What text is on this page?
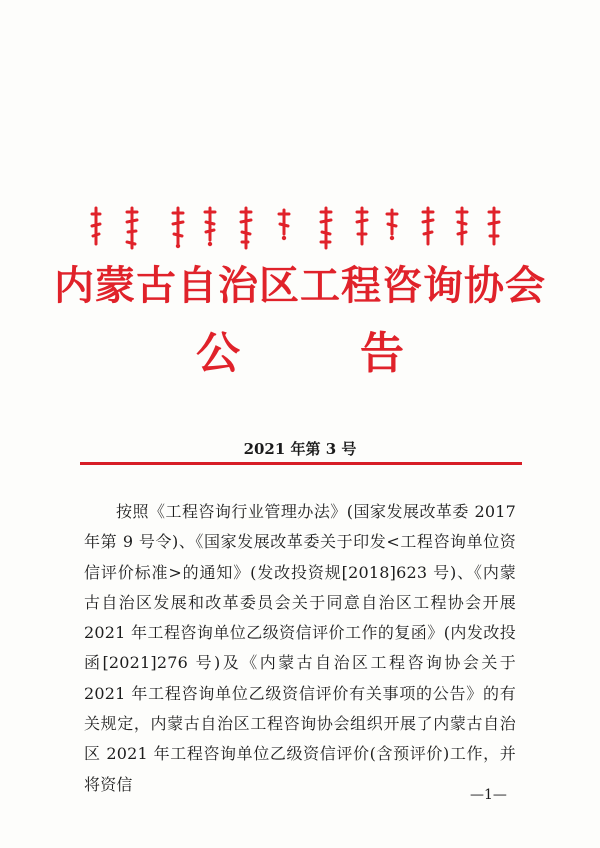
内蒙古自治区工程咨询协会
公告

2021 年第 3 号

按照《工程咨询行业管理办法》(国家发展改革委 2017 年第 9 号令)、《国家发展改革委关于印发<工程咨询单位资信评价标准>的通知》(发改投资规[2018]623 号)、《内蒙古自治区发展和改革委员会关于同意自治区工程协会开展 2021 年工程咨询单位乙级资信评价工作的复函》(内发改投函[2021]276 号)及《内蒙古自治区工程咨询协会关于 2021 年工程咨询单位乙级资信评价有关事项的公告》的有关规定，内蒙古自治区工程咨询协会组织开展了内蒙古自治区 2021 年工程咨询单位乙级资信评价(含预评价)工作，并将资信

—1—
